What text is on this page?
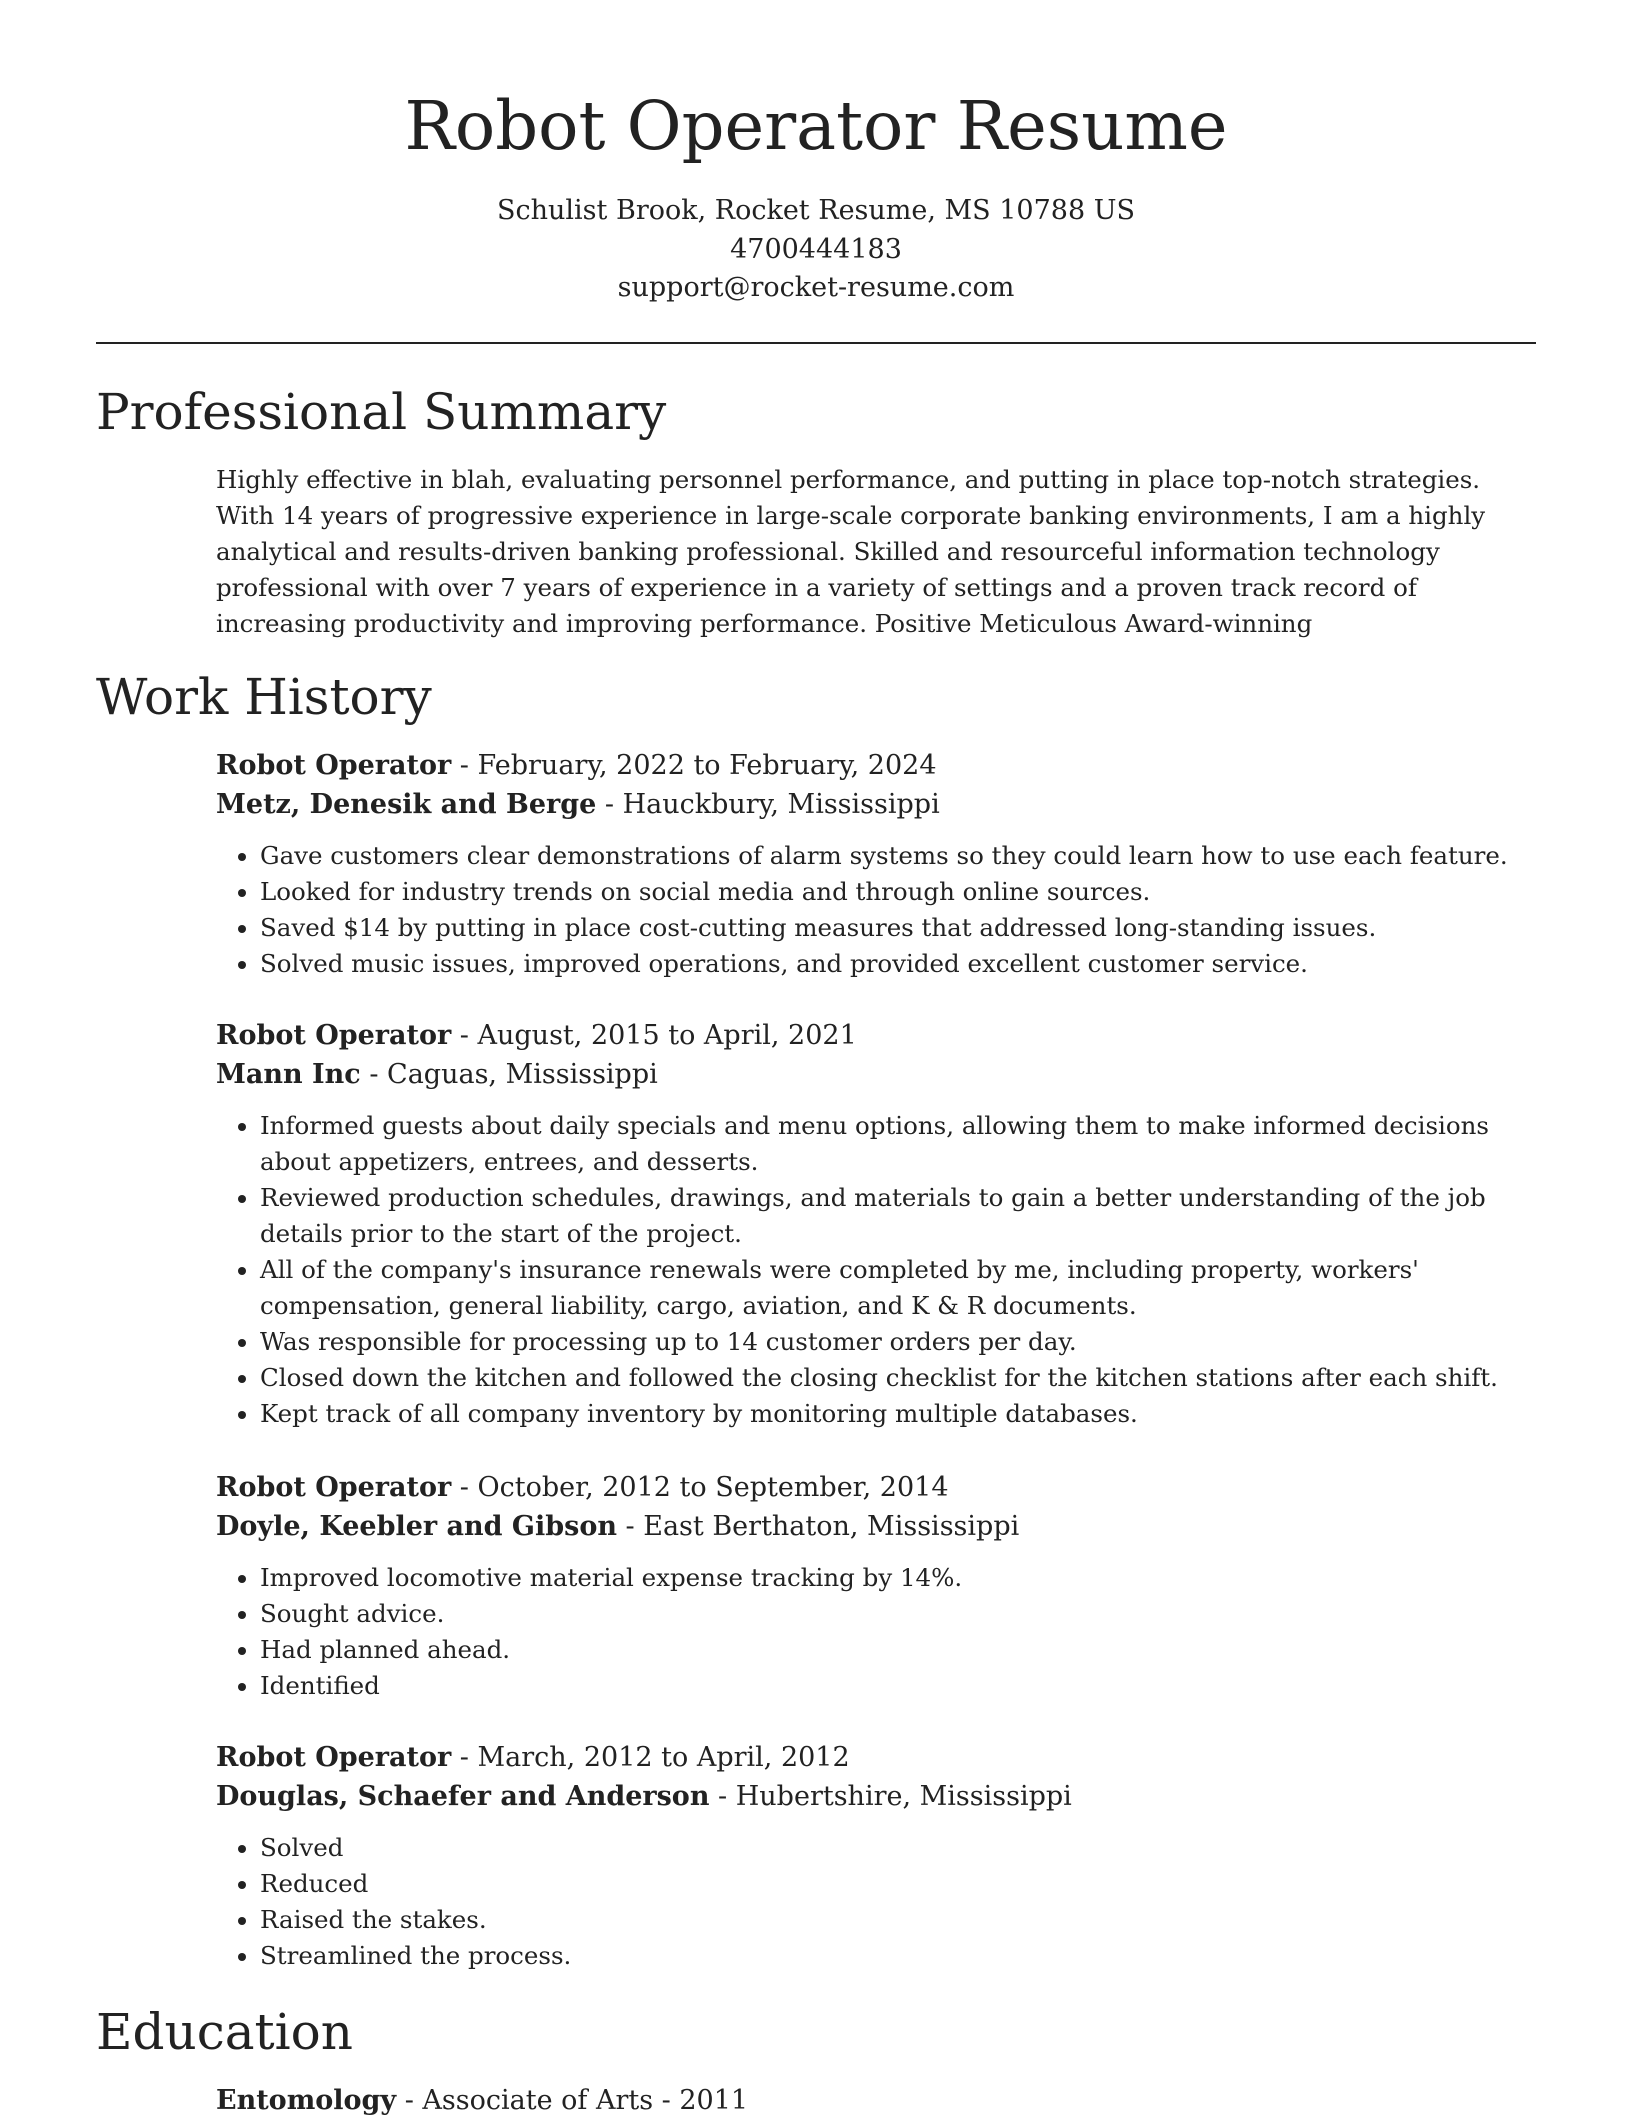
Robot Operator Resume
Schulist Brook, Rocket Resume, MS 10788 US
4700444183
support@rocket-resume.com
Professional Summary

Highly effective in blah, evaluating personnel performance, and putting in place top-notch strategies. With 14 years of progressive experience in large-scale corporate banking environments, I am a highly analytical and results-driven banking professional. Skilled and resourceful information technology professional with over 7 years of experience in a variety of settings and a proven track record of increasing productivity and improving performance. Positive Meticulous Award-winning

Work History
Robot Operator - February, 2022 to February, 2024
Metz, Denesik and Berge - Hauckbury, Mississippi
• Gave customers clear demonstrations of alarm systems so they could learn how to use each feature.
• Looked for industry trends on social media and through online sources.
• Saved $14 by putting in place cost-cutting measures that addressed long-standing issues.
• Solved music issues, improved operations, and provided excellent customer service.
Robot Operator - August, 2015 to April, 2021
Mann Inc - Caguas, Mississippi
• Informed guests about daily specials and menu options, allowing them to make informed decisions about appetizers, entrees, and desserts.
• Reviewed production schedules, drawings, and materials to gain a better understanding of the job details prior to the start of the project.
• All of the company's insurance renewals were completed by me, including property, workers' compensation, general liability, cargo, aviation, and K & R documents.
• Was responsible for processing up to 14 customer orders per day.
• Closed down the kitchen and followed the closing checklist for the kitchen stations after each shift.
• Kept track of all company inventory by monitoring multiple databases.
Robot Operator - October, 2012 to September, 2014
Doyle, Keebler and Gibson - East Berthaton, Mississippi
• Improved locomotive material expense tracking by 14%.
• Sought advice.
• Had planned ahead.
• Identified
Robot Operator - March, 2012 to April, 2012
Douglas, Schaefer and Anderson - Hubertshire, Mississippi
• Solved
• Reduced
• Raised the stakes.
• Streamlined the process.
Education
Entomology - Associate of Arts - 2011
